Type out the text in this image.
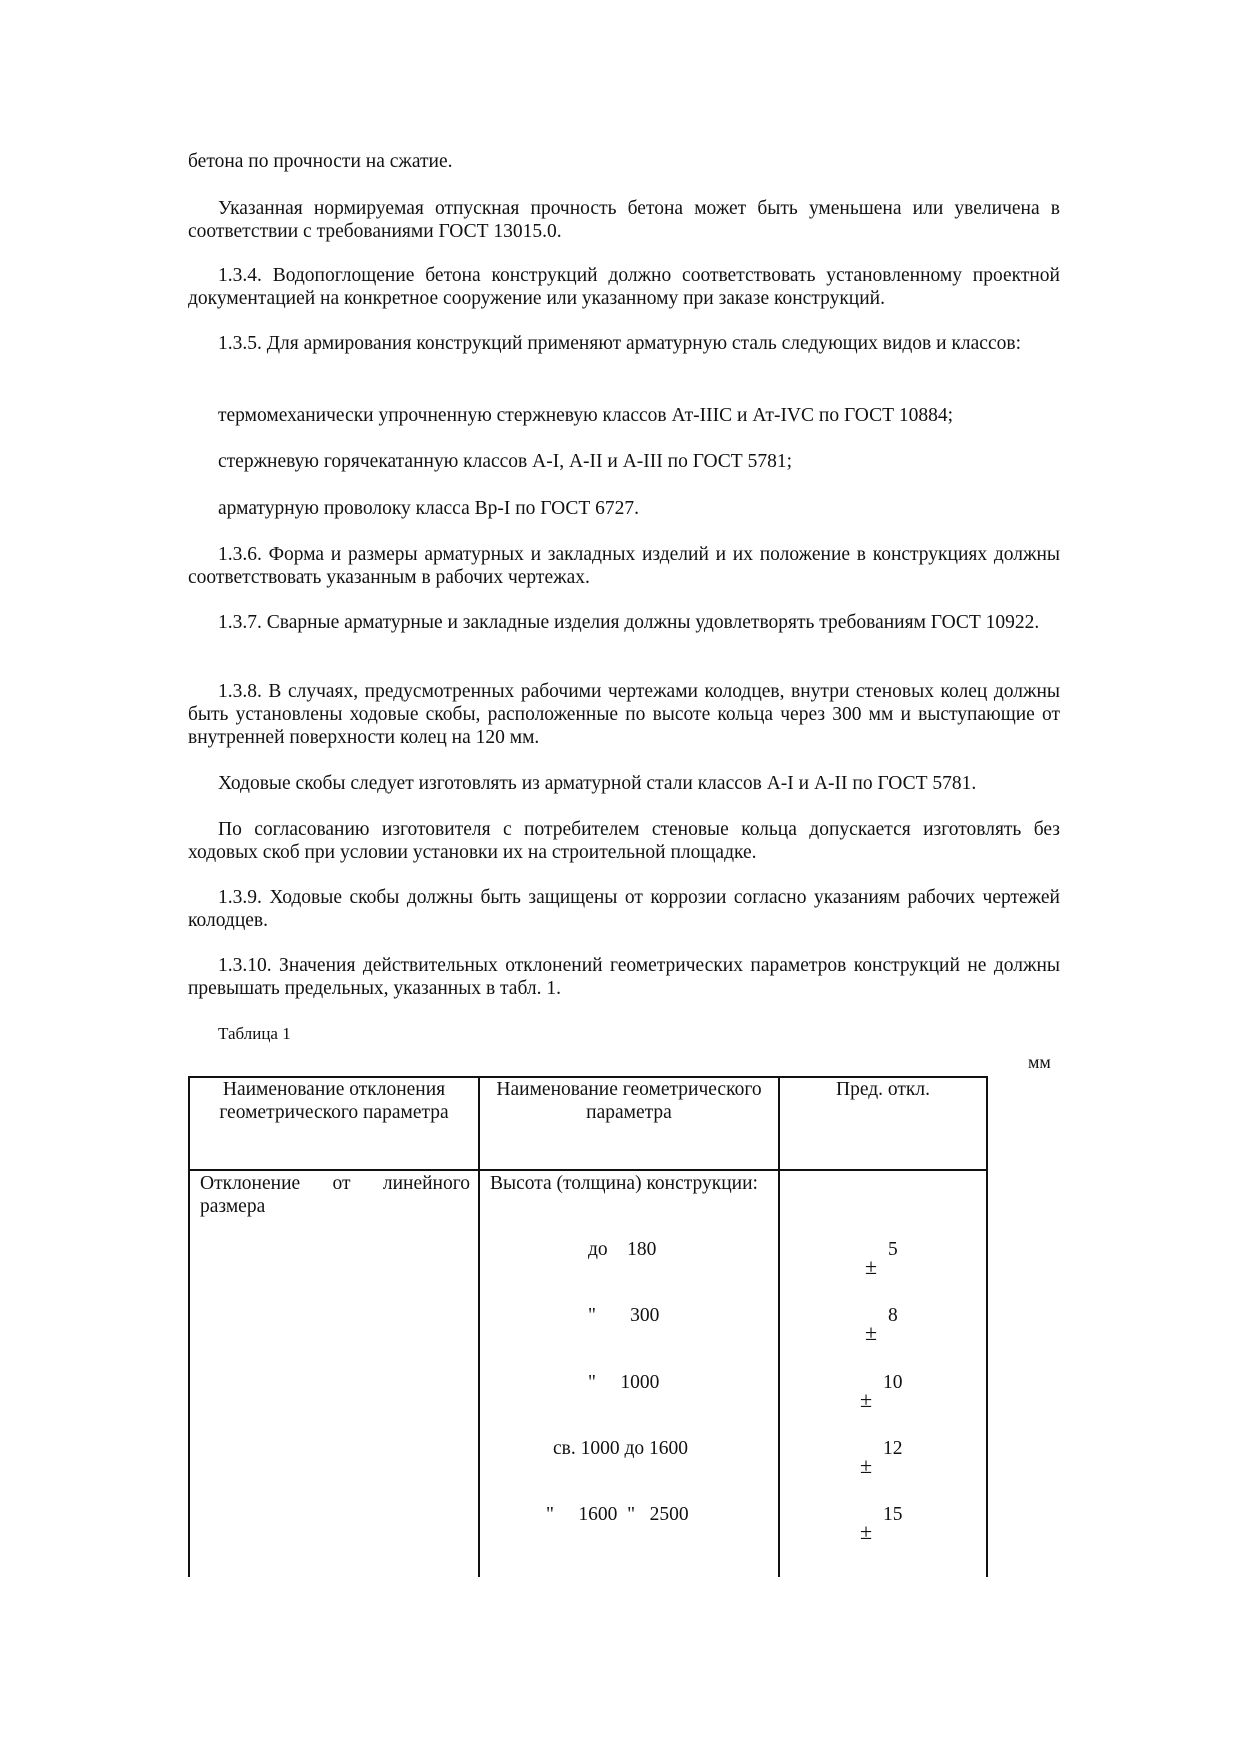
бетона по прочности на сжатие.

Указанная нормируемая отпускная прочность бетона может быть уменьшена или увеличена в соответствии с требованиями ГОСТ 13015.0.

1.3.4. Водопоглощение бетона конструкций должно соответствовать установленному проектной документацией на конкретное сооружение или указанному при заказе конструкций.

1.3.5. Для армирования конструкций применяют арматурную сталь следующих видов и классов:

термомеханически упрочненную стержневую классов Ат-IIIС и Ат-IVС по ГОСТ 10884;

стержневую горячекатанную классов А-I, А-II и А-III по ГОСТ 5781;

арматурную проволоку класса Вр-I по ГОСТ 6727.

1.3.6. Форма и размеры арматурных и закладных изделий и их положение в конструкциях должны соответствовать указанным в рабочих чертежах.

1.3.7. Сварные арматурные и закладные изделия должны удовлетворять требованиям ГОСТ 10922.

1.3.8. В случаях, предусмотренных рабочими чертежами колодцев, внутри стеновых колец должны быть установлены ходовые скобы, расположенные по высоте кольца через 300 мм и выступающие от внутренней поверхности колец на 120 мм.

Ходовые скобы следует изготовлять из арматурной стали классов А-I и А-II по ГОСТ 5781.

По согласованию изготовителя с потребителем стеновые кольца допускается изготовлять без ходовых скоб при условии установки их на строительной площадке.

1.3.9. Ходовые скобы должны быть защищены от коррозии согласно указаниям рабочих чертежей колодцев.

1.3.10. Значения действительных отклонений геометрических параметров конструкций не должны превышать предельных, указанных в табл. 1.

Таблица 1
мм
Наименование отклонения геометрического параметра
Наименование геометрического параметра
Пред. откл.
Отклонение от линейного размера
Высота (толщина) конструкции:
до    180
±
5
"       300
±
8
"     1000
±
10
св. 1000 до 1600
±
12
"     1600  "   2500
±
15
